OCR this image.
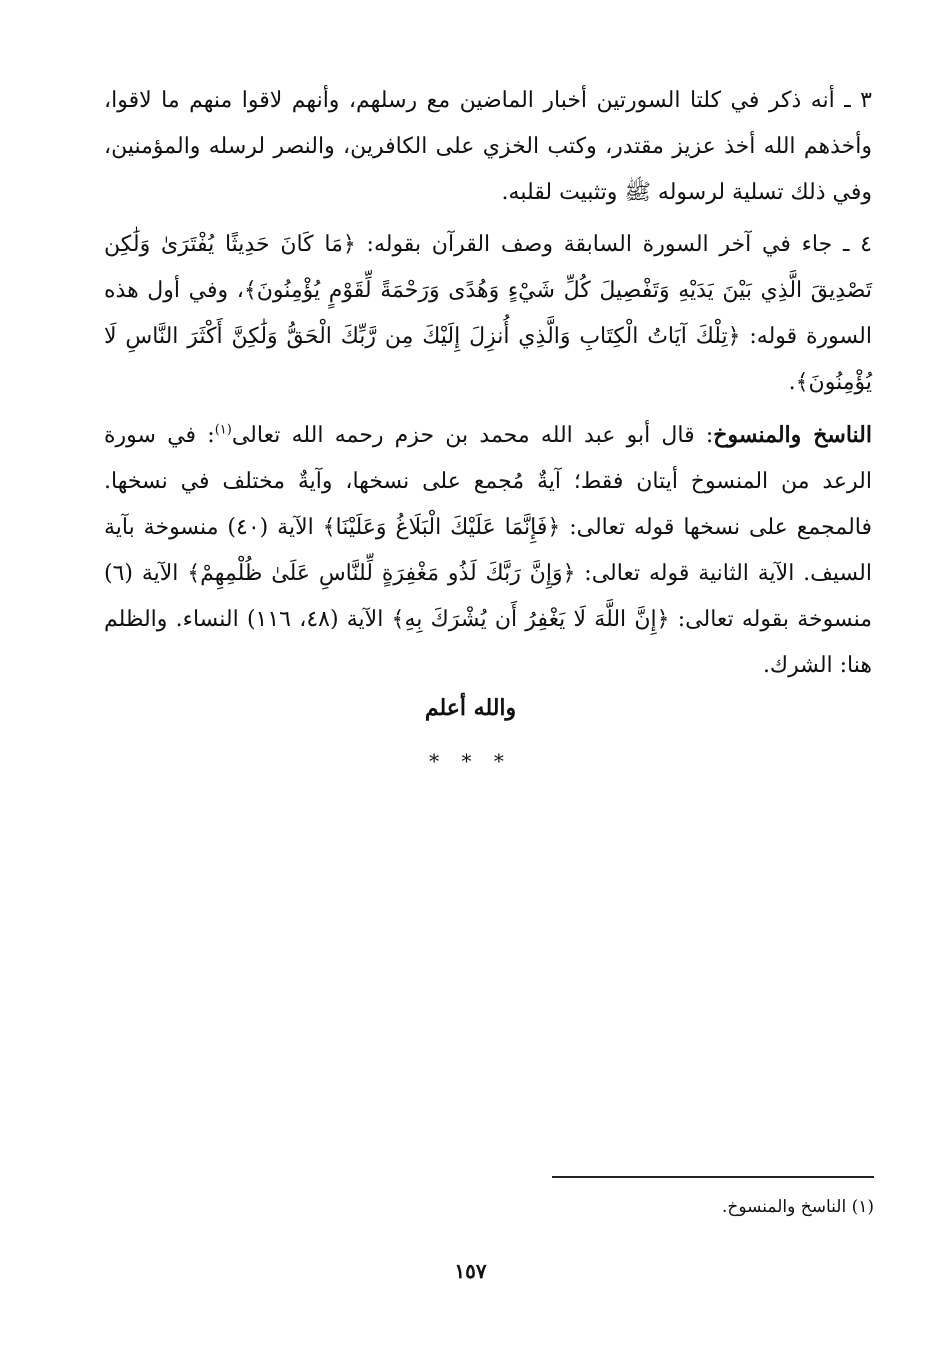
٣ ـ أنه ذكر في كلتا السورتين أخبار الماضين مع رسلهم، وأنهم لاقوا منهم ما لاقوا، وأخذهم الله أخذ عزيز مقتدر، وكتب الخزي على الكافرين، والنصر لرسله والمؤمنين، وفي ذلك تسلية لرسوله ﷺ وتثبيت لقلبه.

٤ ـ جاء في آخر السورة السابقة وصف القرآن بقوله: ﴿مَا كَانَ حَدِيثًا يُفْتَرَىٰ وَلَٰكِن تَصْدِيقَ الَّذِي بَيْنَ يَدَيْهِ وَتَفْصِيلَ كُلِّ شَيْءٍ وَهُدًى وَرَحْمَةً لِّقَوْمٍ يُؤْمِنُونَ﴾، وفي أول هذه السورة قوله: ﴿تِلْكَ آيَاتُ الْكِتَابِ وَالَّذِي أُنزِلَ إِلَيْكَ مِن رَّبِّكَ الْحَقُّ وَلَٰكِنَّ أَكْثَرَ النَّاسِ لَا يُؤْمِنُونَ﴾.

الناسخ والمنسوخ: قال أبو عبد الله محمد بن حزم رحمه الله تعالى$^{(١)}$: في سورة الرعد من المنسوخ أيتان فقط؛ آيةٌ مُجمع على نسخها، وآيةٌ مختلف في نسخها. فالمجمع على نسخها قوله تعالى: ﴿فَإِنَّمَا عَلَيْكَ الْبَلَاغُ وَعَلَيْنَا﴾ الآية (٤٠) منسوخة بآية السيف. الآية الثانية قوله تعالى: ﴿وَإِنَّ رَبَّكَ لَذُو مَغْفِرَةٍ لِّلنَّاسِ عَلَىٰ ظُلْمِهِمْ﴾ الآية (٦) منسوخة بقوله تعالى: ﴿إِنَّ اللَّهَ لَا يَغْفِرُ أَن يُشْرَكَ بِهِ﴾ الآية (٤٨، ١١٦) النساء. والظلم هنا: الشرك.

والله أعلم
* * *
(١) الناسخ والمنسوخ.
١٥٧
